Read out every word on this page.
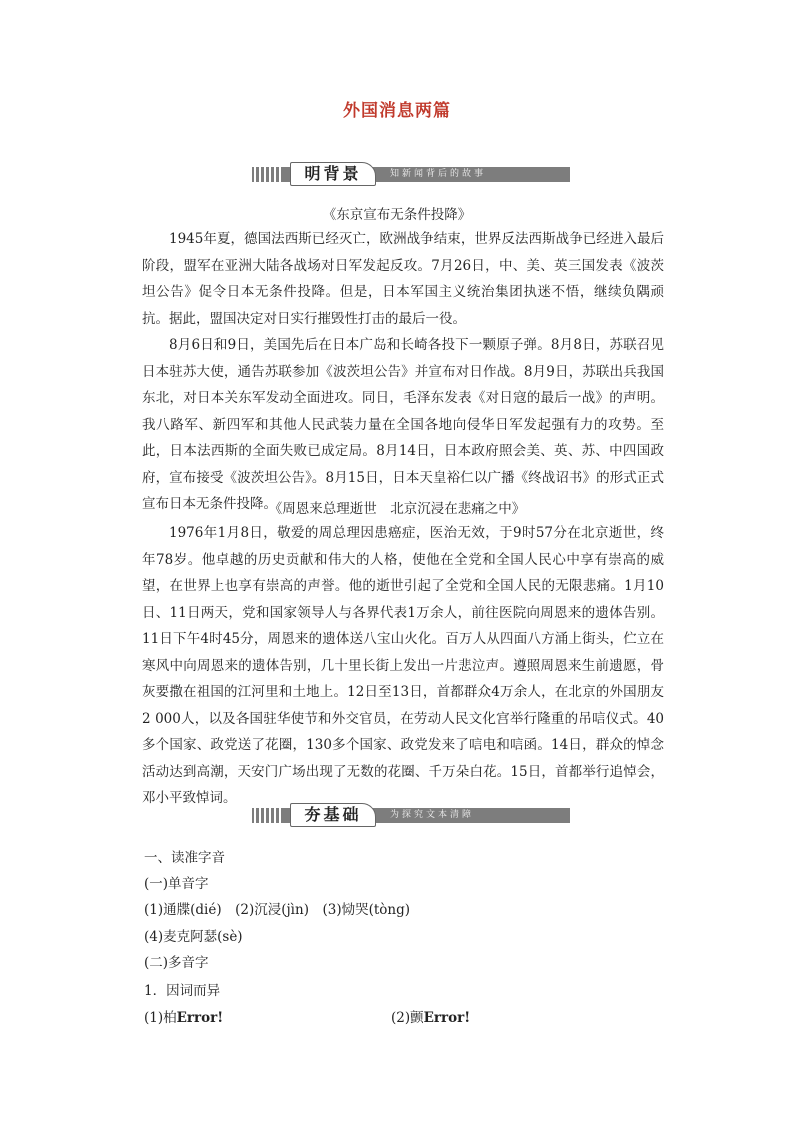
外国消息两篇
明背景	知新闻背后的故事
《东京宣布无条件投降》

1945年夏，德国法西斯已经灭亡，欧洲战争结束，世界反法西斯战争已经进入最后阶段，盟军在亚洲大陆各战场对日军发起反攻。7月26日，中、美、英三国发表《波茨坦公告》促令日本无条件投降。但是，日本军国主义统治集团执迷不悟，继续负隅顽抗。据此，盟国决定对日实行摧毁性打击的最后一役。

8月6日和9日，美国先后在日本广岛和长崎各投下一颗原子弹。8月8日，苏联召见日本驻苏大使，通告苏联参加《波茨坦公告》并宣布对日作战。8月9日，苏联出兵我国东北，对日本关东军发动全面进攻。同日，毛泽东发表《对日寇的最后一战》的声明。我八路军、新四军和其他人民武装力量在全国各地向侵华日军发起强有力的攻势。至此，日本法西斯的全面失败已成定局。8月14日，日本政府照会美、英、苏、中四国政府，宣布接受《波茨坦公告》。8月15日，日本天皇裕仁以广播《终战诏书》的形式正式宣布日本无条件投降。

《周恩来总理逝世　北京沉浸在悲痛之中》

1976年1月8日，敬爱的周总理因患癌症，医治无效，于9时57分在北京逝世，终年78岁。他卓越的历史贡献和伟大的人格，使他在全党和全国人民心中享有崇高的威望，在世界上也享有崇高的声誉。他的逝世引起了全党和全国人民的无限悲痛。1月10日、11日两天，党和国家领导人与各界代表1万余人，前往医院向周恩来的遗体告别。11日下午4时45分，周恩来的遗体送八宝山火化。百万人从四面八方涌上街头，伫立在寒风中向周恩来的遗体告别，几十里长街上发出一片悲泣声。遵照周恩来生前遗愿，骨灰要撒在祖国的江河里和土地上。12日至13日，首都群众4万余人，在北京的外国朋友2 000人，以及各国驻华使节和外交官员，在劳动人民文化宫举行隆重的吊唁仪式。40多个国家、政党送了花圈，130多个国家、政党发来了唁电和唁函。14日，群众的悼念活动达到高潮，天安门广场出现了无数的花圈、千万朵白花。15日，首都举行追悼会，邓小平致悼词。

夯基础	为探究文本清障
一、读准字音
(一)单音字
(1)通牒(dié)　(2)沉浸(jìn)　(3)恸哭(tòng)
(4)麦克阿瑟(sè)
(二)多音字
1．因词而异
(1)柏Error!	(2)颤Error!
